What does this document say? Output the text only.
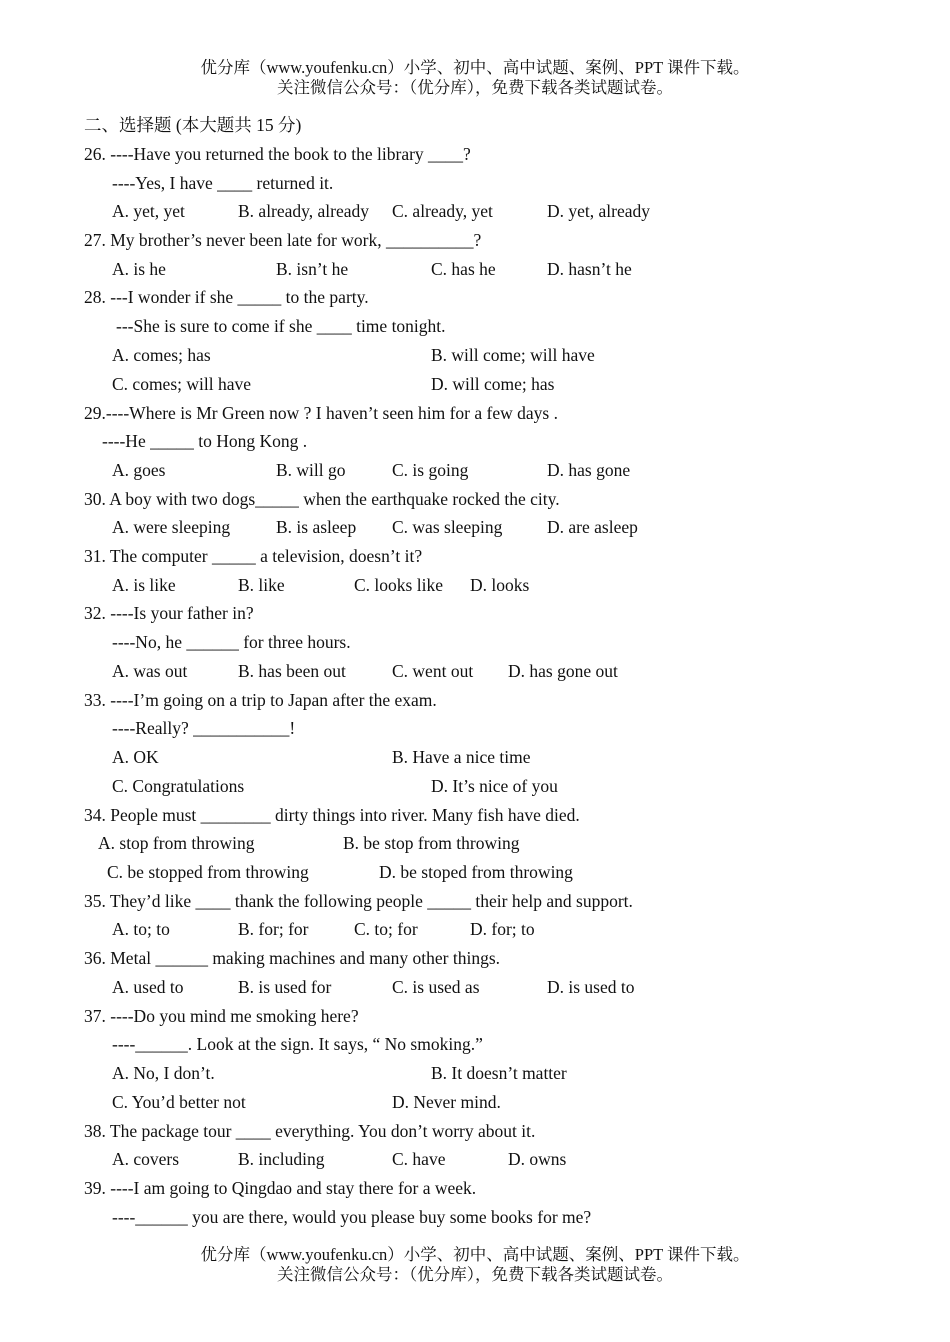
优分库（www.youfenku.cn）小学、初中、高中试题、案例、PPT 课件下载。
关注微信公众号：（优分库），免费下载各类试题试卷。
二、选择题 (本大题共 15 分)
26. ----Have you returned the book to the library ____?
----Yes, I have ____ returned it.
A. yet, yet	B. already, already C. already, yet	D. yet, already
27. My brother’s never been late for work, __________?
A. is he	B. isn’t he	C. has he	D. hasn’t he
28. ---I wonder if she _____ to the party.
---She is sure to come if she ____ time tonight.
A. comes; has	B. will come; will have
C. comes; will have	D. will come; has
29.----Where is Mr Green now ? I haven’t seen him for a few days .
----He _____ to Hong Kong .
A. goes	B. will go	C. is going	D. has gone
30. A boy with two dogs_____ when the earthquake rocked the city.
A. were sleeping	B. is asleep C. was sleeping	D. are asleep
31. The computer _____ a television, doesn’t it?
A. is like	B. like	C. looks like D. looks
32. ----Is your father in?
----No, he ______ for three hours.
A. was out	B. has been out	C. went out D. has gone out
33. ----I’m going on a trip to Japan after the exam.
----Really? ___________!
A. OK	B. Have a nice time
C. Congratulations	D. It’s nice of you
34. People must ________ dirty things into river. Many fish have died.
A. stop from throwing	B. be stop from throwing
C. be stopped from throwing	D. be stoped from throwing
35. They’d like ____ thank the following people _____ their help and support.
A. to; to	B. for; for	C. to; for	D. for; to
36. Metal ______ making machines and many other things.
A. used to	B. is used for	C. is used as	D. is used to
37. ----Do you mind me smoking here?
----______. Look at the sign. It says, “ No smoking.”
A. No, I don’t.	B. It doesn’t matter
C. You’d better not	D. Never mind.
38. The package tour ____ everything. You don’t worry about it.
A. covers	B. including	C. have	D. owns
39. ----I am going to Qingdao and stay there for a week.
----______ you are there, would you please buy some books for me?
优分库（www.youfenku.cn）小学、初中、高中试题、案例、PPT 课件下载。
关注微信公众号：（优分库），免费下载各类试题试卷。
